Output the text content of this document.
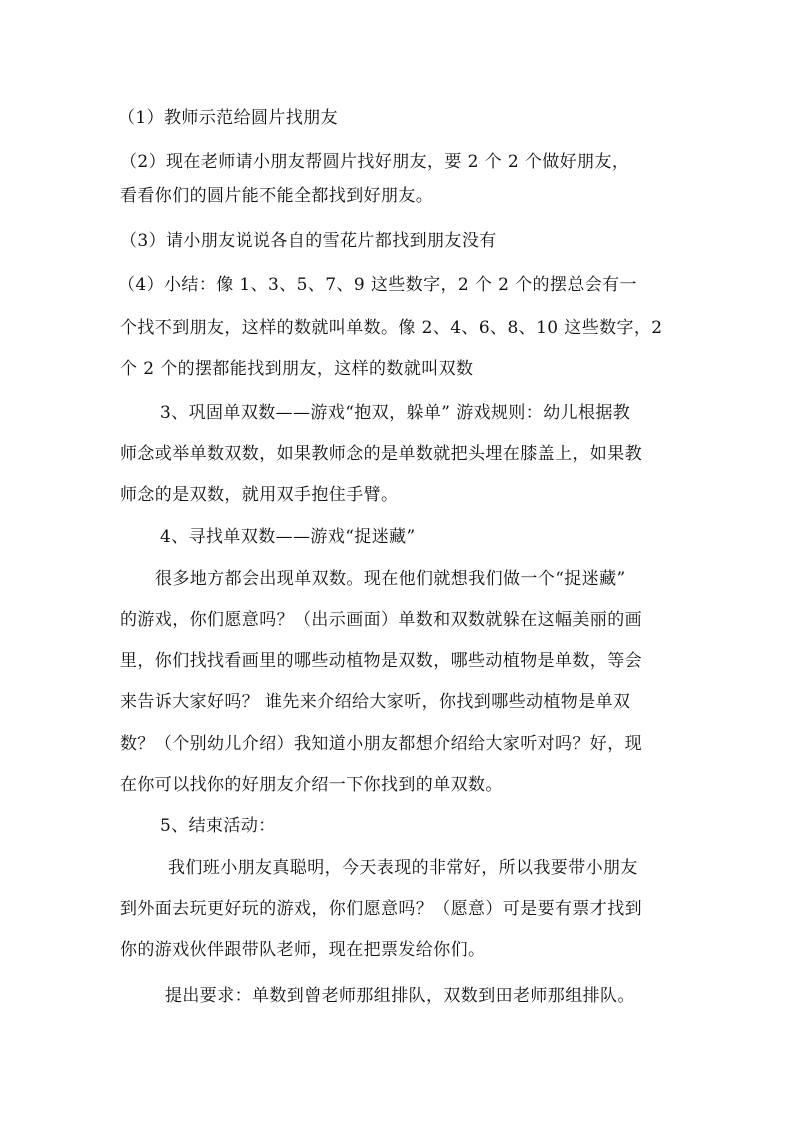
（1）教师示范给圆片找朋友
（2）现在老师请小朋友帮圆片找好朋友，要 2 个 2 个做好朋友，
看看你们的圆片能不能全都找到好朋友。
（3）请小朋友说说各自的雪花片都找到朋友没有
（4）小结：像 1、3、5、7、9 这些数字，2 个 2 个的摆总会有一
个找不到朋友，这样的数就叫单数。像 2、4、6、8、10 这些数字，2
个 2 个的摆都能找到朋友，这样的数就叫双数
3、巩固单双数——游戏“抱双，躲单” 游戏规则：幼儿根据教
师念或举单数双数，如果教师念的是单数就把头埋在膝盖上，如果教
师念的是双数，就用双手抱住手臂。
4、寻找单双数——游戏“捉迷藏”
很多地方都会出现单双数。现在他们就想我们做一个“捉迷藏”
的游戏，你们愿意吗？（出示画面）单数和双数就躲在这幅美丽的画
里，你们找找看画里的哪些动植物是双数，哪些动植物是单数，等会
来告诉大家好吗？ 谁先来介绍给大家听，你找到哪些动植物是单双
数？（个别幼儿介绍）我知道小朋友都想介绍给大家听对吗？好，现
在你可以找你的好朋友介绍一下你找到的单双数。
5、结束活动：
我们班小朋友真聪明，今天表现的非常好，所以我要带小朋友
到外面去玩更好玩的游戏，你们愿意吗？（愿意）可是要有票才找到
你的游戏伙伴跟带队老师，现在把票发给你们。
提出要求：单数到曾老师那组排队，双数到田老师那组排队。
